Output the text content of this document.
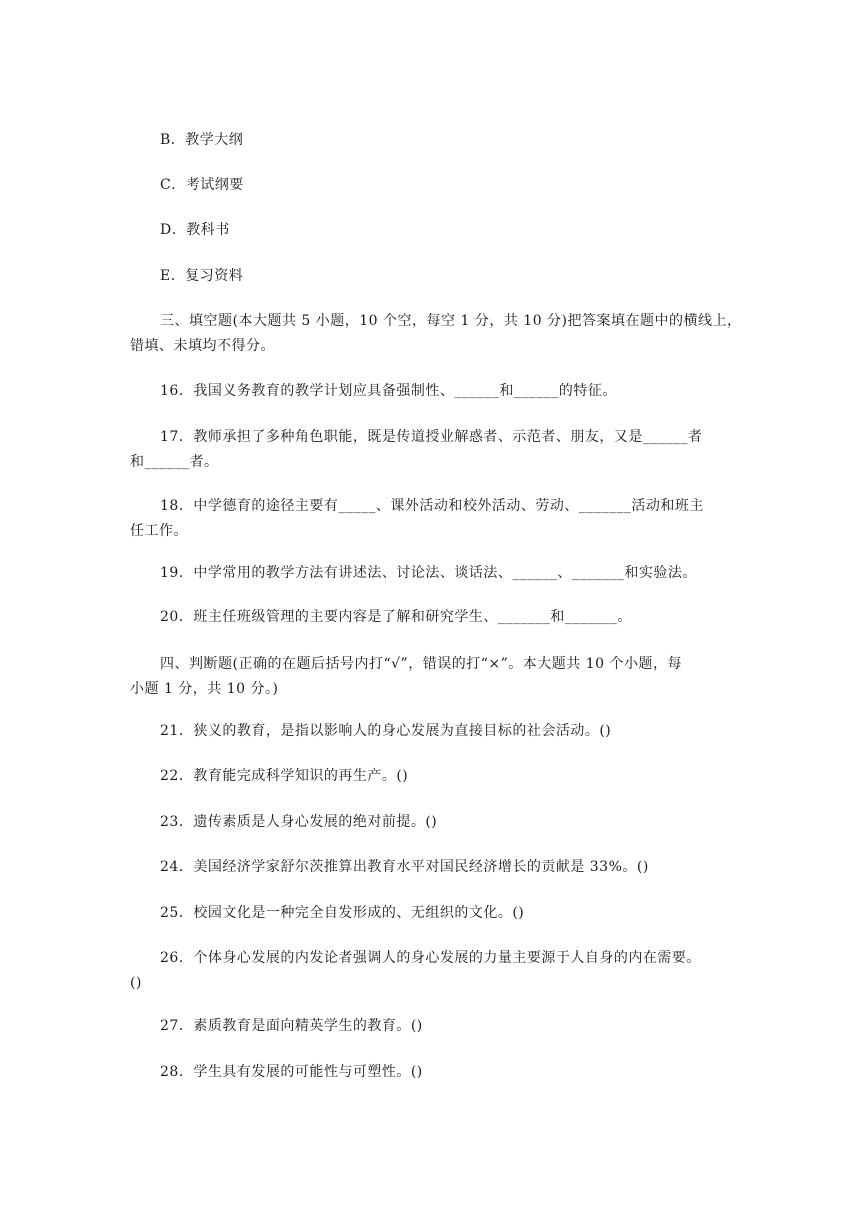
B．教学大纲
C．考试纲要
D．教科书
E．复习资料
三、填空题(本大题共 5 小题，10 个空，每空 1 分，共 10 分)把答案填在题中的横线上，
错填、未填均不得分。
16．我国义务教育的教学计划应具备强制性、______和______的特征。
17．教师承担了多种角色职能，既是传道授业解惑者、示范者、朋友，又是______者
和______者。
18．中学德育的途径主要有_____、课外活动和校外活动、劳动、_______活动和班主
任工作。
19．中学常用的教学方法有讲述法、讨论法、谈话法、______、_______和实验法。
20．班主任班级管理的主要内容是了解和研究学生、_______和_______。
四、判断题(正确的在题后括号内打“√”，错误的打“×”。本大题共 10 个小题，每
小题 1 分，共 10 分。)
21．狭义的教育，是指以影响人的身心发展为直接目标的社会活动。()
22．教育能完成科学知识的再生产。()
23．遗传素质是人身心发展的绝对前提。()
24．美国经济学家舒尔茨推算出教育水平对国民经济增长的贡献是 33%。()
25．校园文化是一种完全自发形成的、无组织的文化。()
26．个体身心发展的内发论者强调人的身心发展的力量主要源于人自身的内在需要。
()
27．素质教育是面向精英学生的教育。()
28．学生具有发展的可能性与可塑性。()
